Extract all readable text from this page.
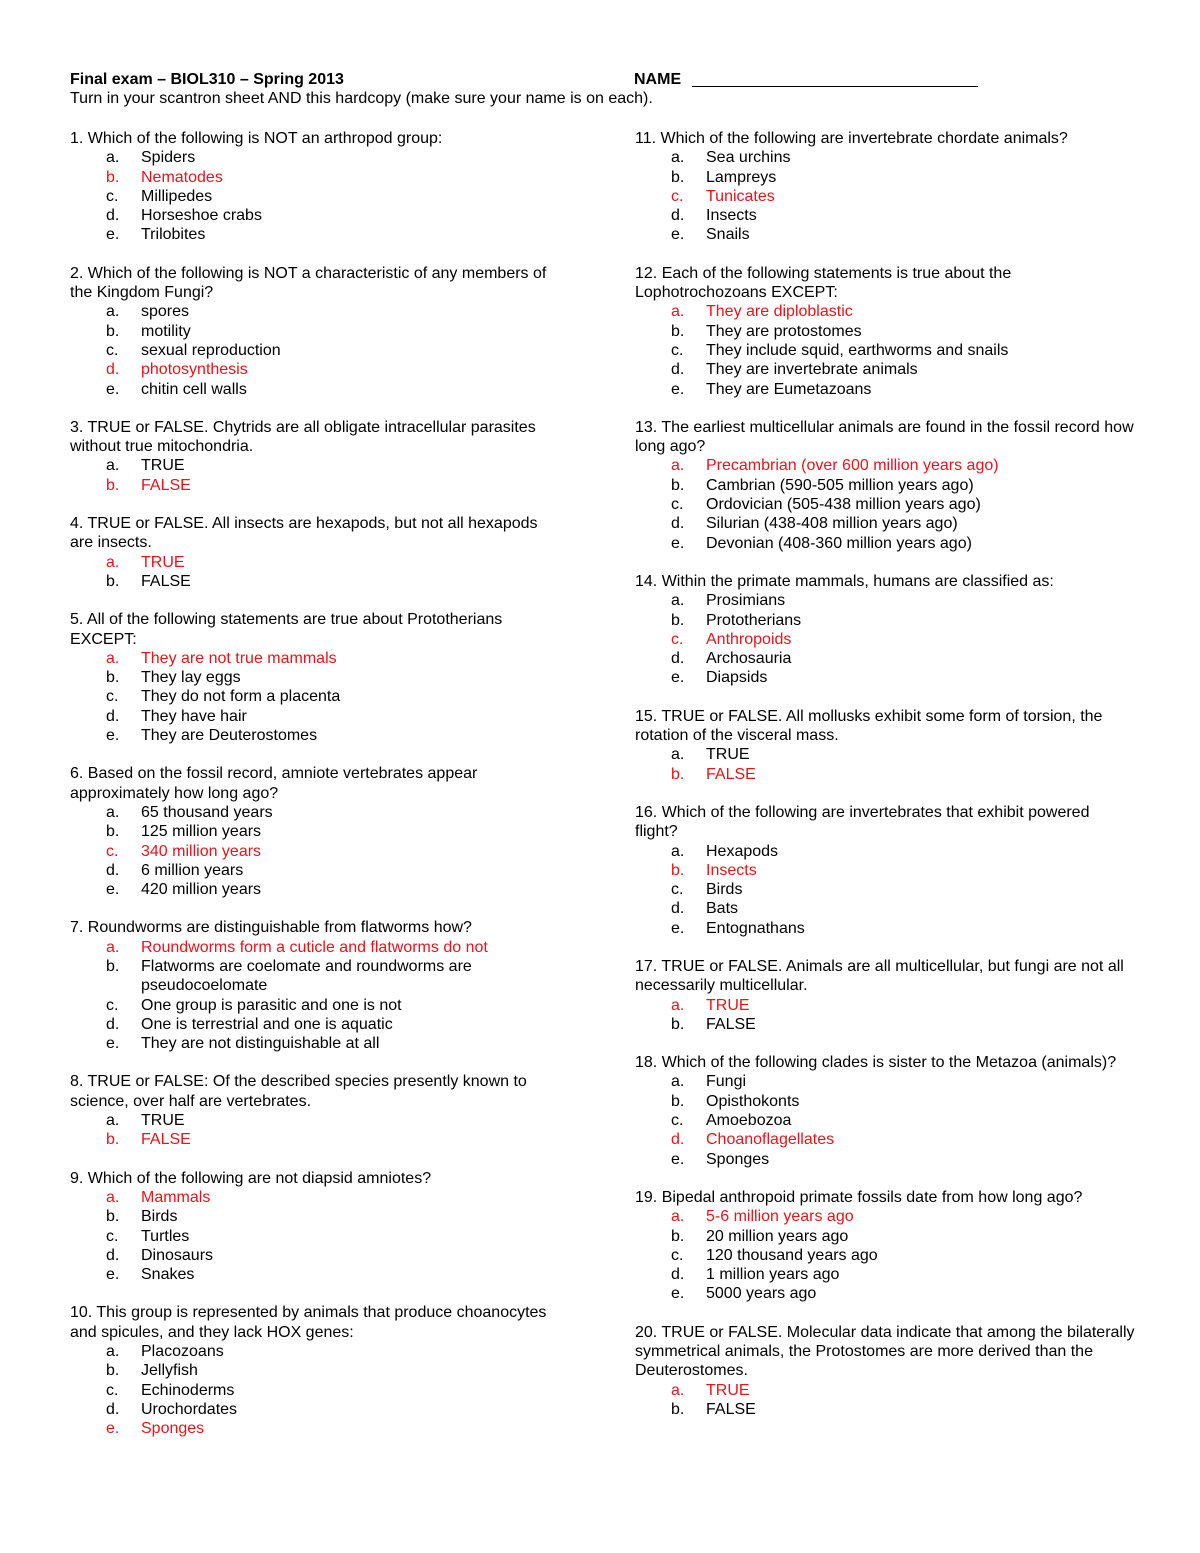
Final exam – BIOL310 – Spring 2013	NAME
Turn in your scantron sheet AND this hardcopy (make sure your name is on each).
1. Which of the following is NOT an arthropod group:
a. Spiders
b. Nematodes
c. Millipedes
d. Horseshoe crabs
e. Trilobites
2. Which of the following is NOT a characteristic of any members of the Kingdom Fungi?
a. spores
b. motility
c. sexual reproduction
d. photosynthesis
e. chitin cell walls
3. TRUE or FALSE. Chytrids are all obligate intracellular parasites without true mitochondria.
a. TRUE
b. FALSE
4. TRUE or FALSE. All insects are hexapods, but not all hexapods are insects.
a. TRUE
b. FALSE
5. All of the following statements are true about Prototherians EXCEPT:
a. They are not true mammals
b. They lay eggs
c. They do not form a placenta
d. They have hair
e. They are Deuterostomes
6. Based on the fossil record, amniote vertebrates appear approximately how long ago?
a. 65 thousand years
b. 125 million years
c. 340 million years
d. 6 million years
e. 420 million years
7. Roundworms are distinguishable from flatworms how?
a. Roundworms form a cuticle and flatworms do not
b. Flatworms are coelomate and roundworms are pseudocoelomate
c. One group is parasitic and one is not
d. One is terrestrial and one is aquatic
e. They are not distinguishable at all
8. TRUE or FALSE: Of the described species presently known to science, over half are vertebrates.
a. TRUE
b. FALSE
9. Which of the following are not diapsid amniotes?
a. Mammals
b. Birds
c. Turtles
d. Dinosaurs
e. Snakes
10. This group is represented by animals that produce choanocytes and spicules, and they lack HOX genes:
a. Placozoans
b. Jellyfish
c. Echinoderms
d. Urochordates
e. Sponges
11. Which of the following are invertebrate chordate animals?
a. Sea urchins
b. Lampreys
c. Tunicates
d. Insects
e. Snails
12. Each of the following statements is true about the Lophotrochozoans EXCEPT:
a. They are diploblastic
b. They are protostomes
c. They include squid, earthworms and snails
d. They are invertebrate animals
e. They are Eumetazoans
13. The earliest multicellular animals are found in the fossil record how long ago?
a. Precambrian (over 600 million years ago)
b. Cambrian (590-505 million years ago)
c. Ordovician (505-438 million years ago)
d. Silurian (438-408 million years ago)
e. Devonian (408-360 million years ago)
14. Within the primate mammals, humans are classified as:
a. Prosimians
b. Prototherians
c. Anthropoids
d. Archosauria
e. Diapsids
15. TRUE or FALSE. All mollusks exhibit some form of torsion, the rotation of the visceral mass.
a. TRUE
b. FALSE
16. Which of the following are invertebrates that exhibit powered flight?
a. Hexapods
b. Insects
c. Birds
d. Bats
e. Entognathans
17. TRUE or FALSE. Animals are all multicellular, but fungi are not all necessarily multicellular.
a. TRUE
b. FALSE
18. Which of the following clades is sister to the Metazoa (animals)?
a. Fungi
b. Opisthokonts
c. Amoebozoa
d. Choanoflagellates
e. Sponges
19. Bipedal anthropoid primate fossils date from how long ago?
a. 5-6 million years ago
b. 20 million years ago
c. 120 thousand years ago
d. 1 million years ago
e. 5000 years ago
20. TRUE or FALSE. Molecular data indicate that among the bilaterally symmetrical animals, the Protostomes are more derived than the Deuterostomes.
a. TRUE
b. FALSE
